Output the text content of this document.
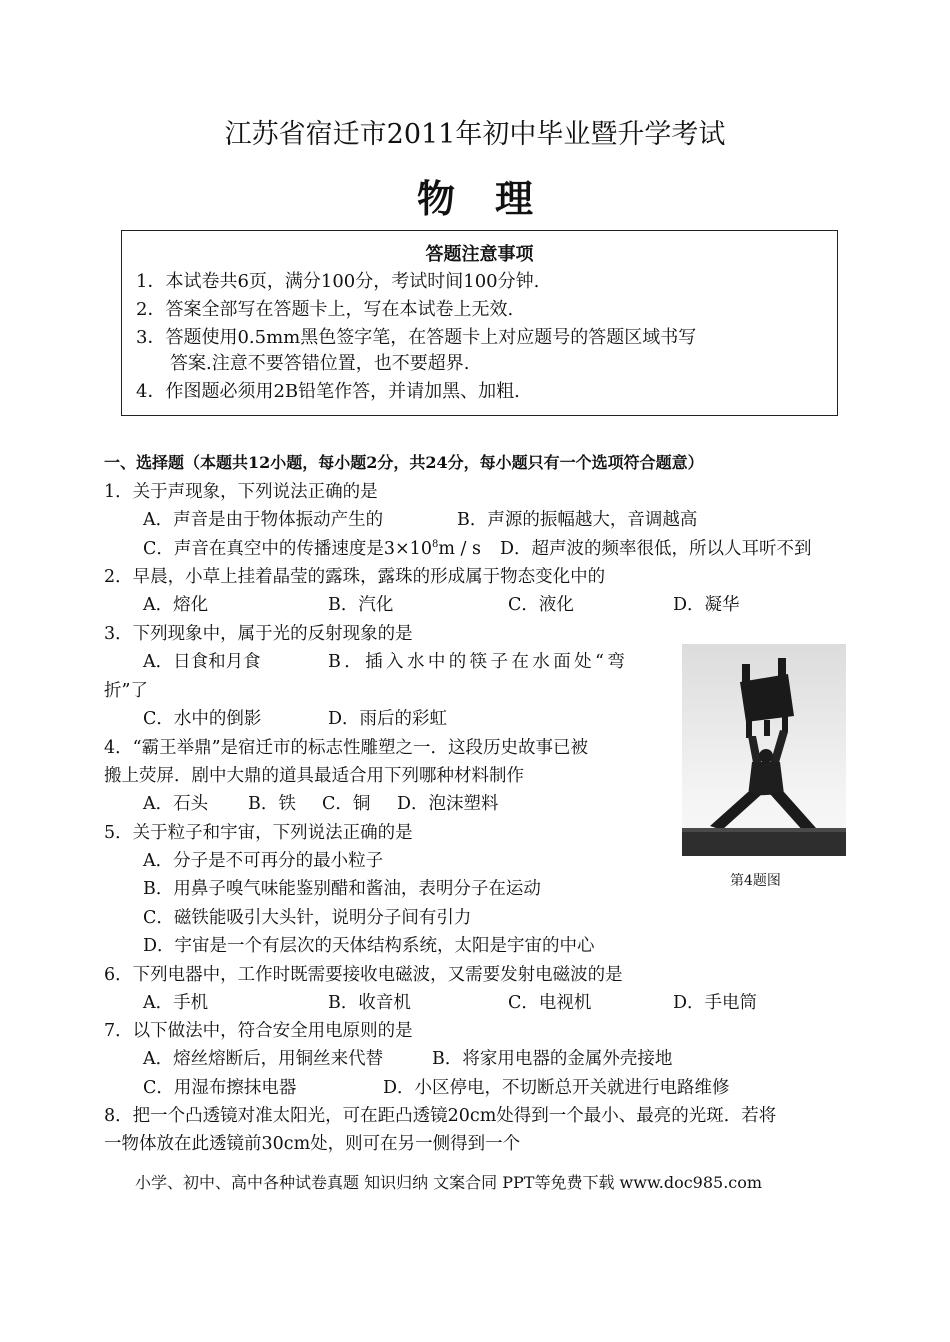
江苏省宿迁市2011年初中毕业暨升学考试
物理
答题注意事项
1．本试卷共6页，满分100分，考试时间100分钟.
2．答案全部写在答题卡上，写在本试卷上无效.
3．答题使用0.5mm黑色签字笔，在答题卡上对应题号的答题区域书写
答案.注意不要答错位置，也不要超界.
4．作图题必须用2B铅笔作答，并请加黑、加粗.
一、选择题（本题共12小题，每小题2分，共24分，每小题只有一个选项符合题意）
1．关于声现象，下列说法正确的是
A．声音是由于物体振动产生的	B．声源的振幅越大，音调越高
C．声音在真空中的传播速度是$3\times 10^8m / s$ D．超声波的频率很低，所以人耳听不到
2．早晨，小草上挂着晶莹的露珠，露珠的形成属于物态变化中的
A．熔化	B．汽化	C．液化	D．凝华
3．下列现象中，属于光的反射现象的是
A．日食和月食	B．插入水中的筷子在水面处“弯
折”了
C．水中的倒影	D．雨后的彩虹
4．“霸王举鼎”是宿迁市的标志性雕塑之一．这段历史故事已被
搬上荧屏．剧中大鼎的道具最适合用下列哪种材料制作
A．石头 B．铁 C．铜 D．泡沫塑料
第4题图
5．关于粒子和宇宙，下列说法正确的是
A．分子是不可再分的最小粒子
B．用鼻子嗅气味能鉴别醋和酱油，表明分子在运动
C．磁铁能吸引大头针，说明分子间有引力
D．宇宙是一个有层次的天体结构系统，太阳是宇宙的中心
6．下列电器中，工作时既需要接收电磁波，又需要发射电磁波的是
A．手机	B．收音机	C．电视机	D．手电筒
7．以下做法中，符合安全用电原则的是
A．熔丝熔断后，用铜丝来代替	B．将家用电器的金属外壳接地
C．用湿布擦抹电器	D．小区停电，不切断总开关就进行电路维修
8．把一个凸透镜对准太阳光，可在距凸透镜20cm处得到一个最小、最亮的光斑．若将
一物体放在此透镜前30cm处，则可在另一侧得到一个
小学、初中、高中各种试卷真题 知识归纳 文案合同 PPT等免费下载 www.doc985.com
